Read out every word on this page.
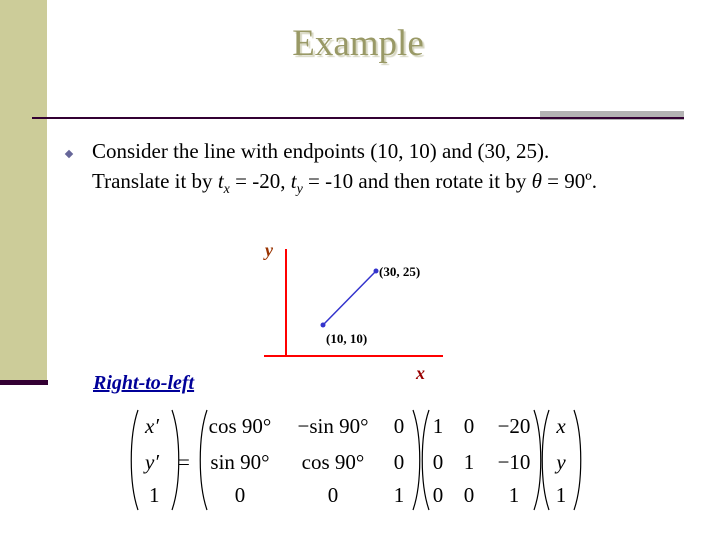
Example
Consider the line with endpoints (10, 10) and (30, 25).
Translate it by $t_x = -20$, $t_y = -10$ and then rotate it by θ = 90º.
y
x
(30, 25)
(10, 10)
Right-to-left
x′
y′
1
=
cos 90° −sin 90° 0
sin 90° cos 90° 0
0	0	1
1 0 −20
0 1 −10
0 0 1
x
y
1
